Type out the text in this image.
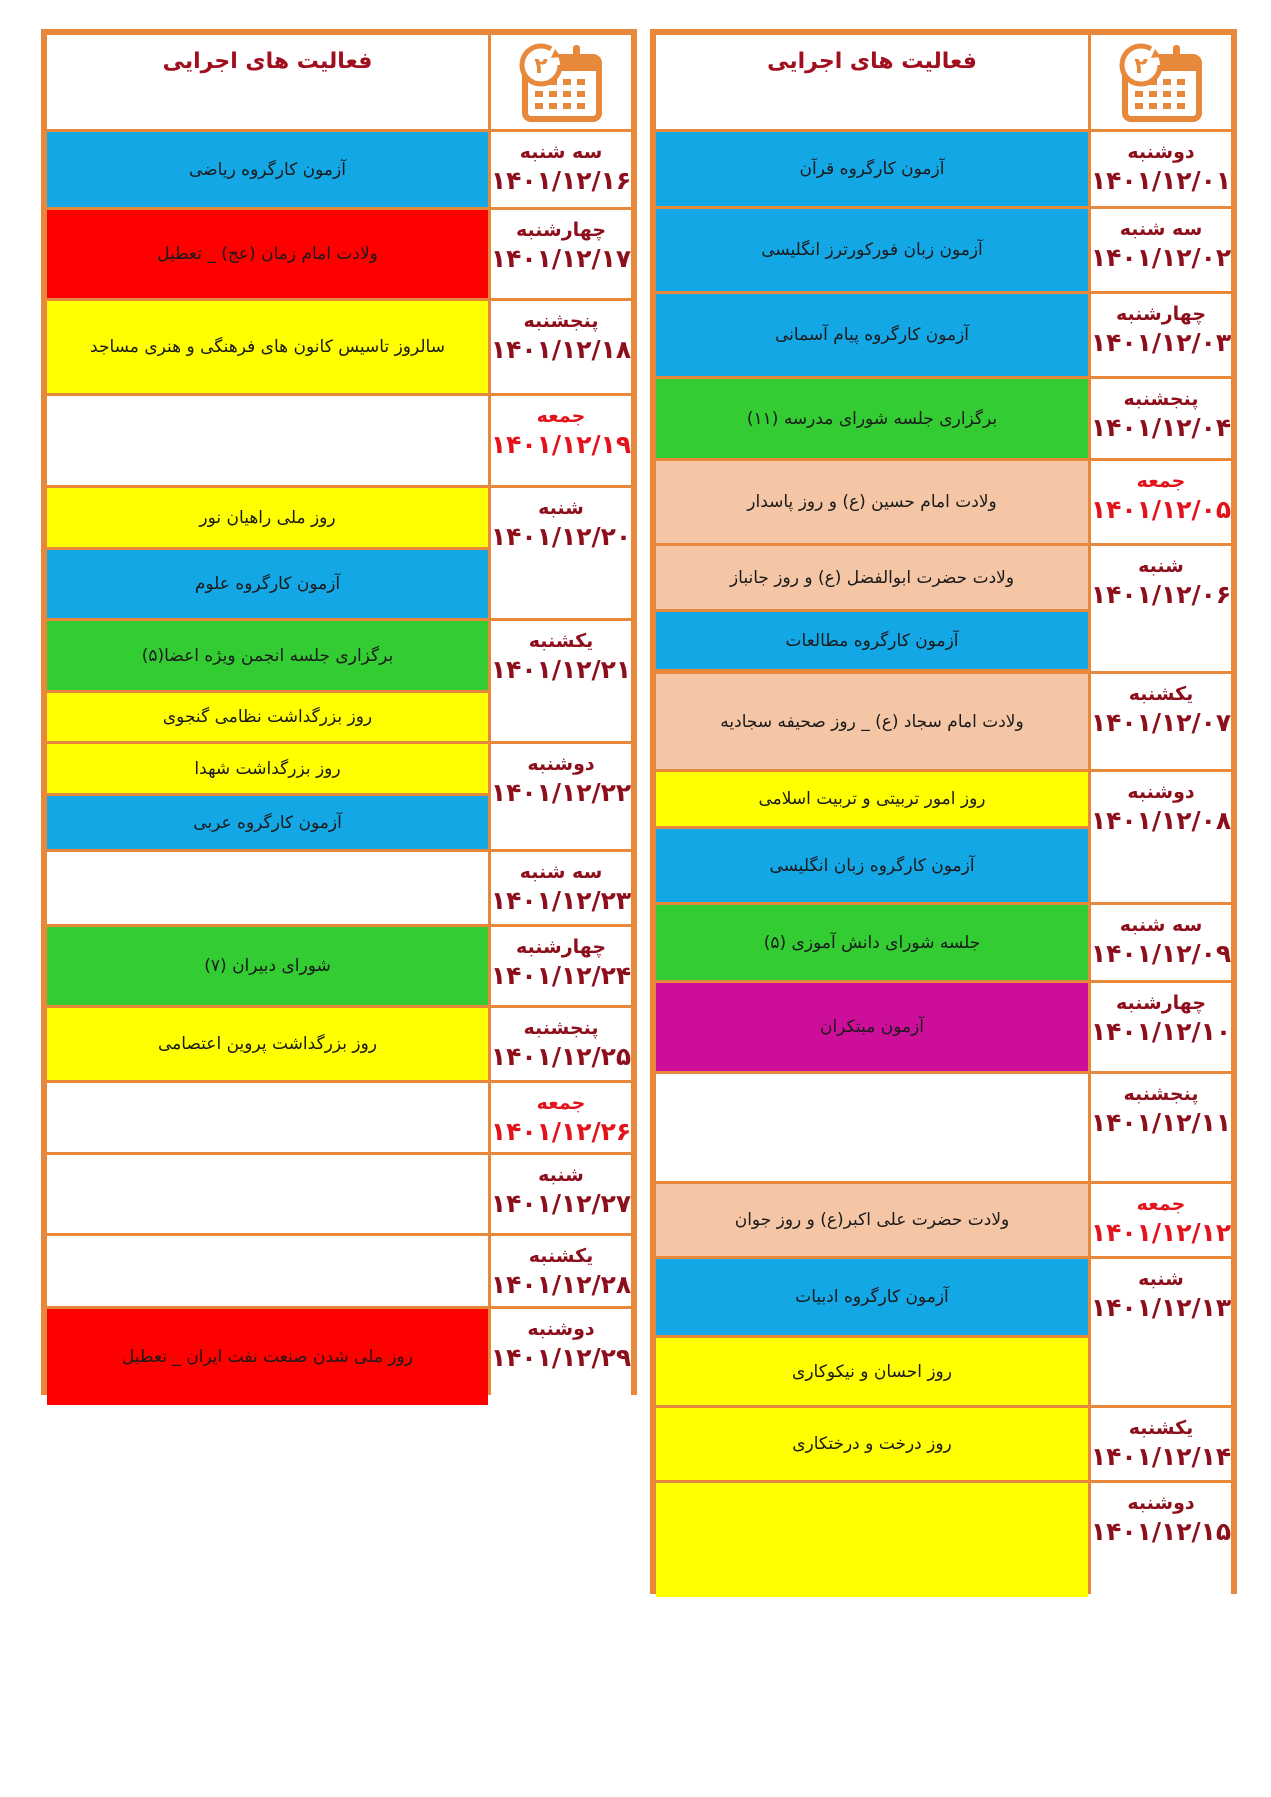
فعالیت های اجرایی	۲
آزمون کارگروه قرآن
دوشنبه
۱۴۰۱/۱۲/۰۱
آزمون زبان فورکورترز انگلیسی
سه شنبه
۱۴۰۱/۱۲/۰۲
آزمون کارگروه پیام آسمانی
چهارشنبه
۱۴۰۱/۱۲/۰۳
برگزاری جلسه شورای مدرسه (۱۱)
پنجشنبه
۱۴۰۱/۱۲/۰۴
ولادت امام حسین (ع) و روز پاسدار
جمعه
۱۴۰۱/۱۲/۰۵
ولادت حضرت ابوالفضل (ع) و روز جانباز
آزمون کارگروه مطالعات
شنبه
۱۴۰۱/۱۲/۰۶
ولادت امام سجاد (ع) _ روز صحیفه سجادیه
یکشنبه
۱۴۰۱/۱۲/۰۷
روز امور تربیتی و تربیت اسلامی
آزمون کارگروه زبان انگلیسی
دوشنبه
۱۴۰۱/۱۲/۰۸
جلسه شورای دانش آموزی (۵)
سه شنبه
۱۴۰۱/۱۲/۰۹
آزمون مبتکران
چهارشنبه
۱۴۰۱/۱۲/۱۰
پنجشنبه
۱۴۰۱/۱۲/۱۱
ولادت حضرت علی اکبر(ع) و روز جوان
جمعه
۱۴۰۱/۱۲/۱۲
آزمون کارگروه ادبیات
روز احسان و نیکوکاری
شنبه
۱۴۰۱/۱۲/۱۳
روز درخت و درختکاری
یکشنبه
۱۴۰۱/۱۲/۱۴
دوشنبه
۱۴۰۱/۱۲/۱۵
فعالیت های اجرایی	۲
آزمون کارگروه ریاضی
سه شنبه
۱۴۰۱/۱۲/۱۶
ولادت امام زمان (عج) _ تعطیل
چهارشنبه
۱۴۰۱/۱۲/۱۷
سالروز تاسیس کانون های فرهنگی و هنری مساجد
پنجشنبه
۱۴۰۱/۱۲/۱۸
جمعه
۱۴۰۱/۱۲/۱۹
روز ملی راهیان نور
آزمون کارگروه علوم
شنبه
۱۴۰۱/۱۲/۲۰
برگزاری جلسه انجمن ویژه اعضا(۵)
روز بزرگداشت نظامی گنجوی
یکشنبه
۱۴۰۱/۱۲/۲۱
روز بزرگداشت شهدا
آزمون کارگروه عربی
دوشنبه
۱۴۰۱/۱۲/۲۲
سه شنبه
۱۴۰۱/۱۲/۲۳
شورای دبیران (۷)
چهارشنبه
۱۴۰۱/۱۲/۲۴
روز بزرگداشت پروین اعتصامی
پنجشنبه
۱۴۰۱/۱۲/۲۵
جمعه
۱۴۰۱/۱۲/۲۶
شنبه
۱۴۰۱/۱۲/۲۷
یکشنبه
۱۴۰۱/۱۲/۲۸
روز ملی شدن صنعت نفت ایران _ تعطیل
دوشنبه
۱۴۰۱/۱۲/۲۹
